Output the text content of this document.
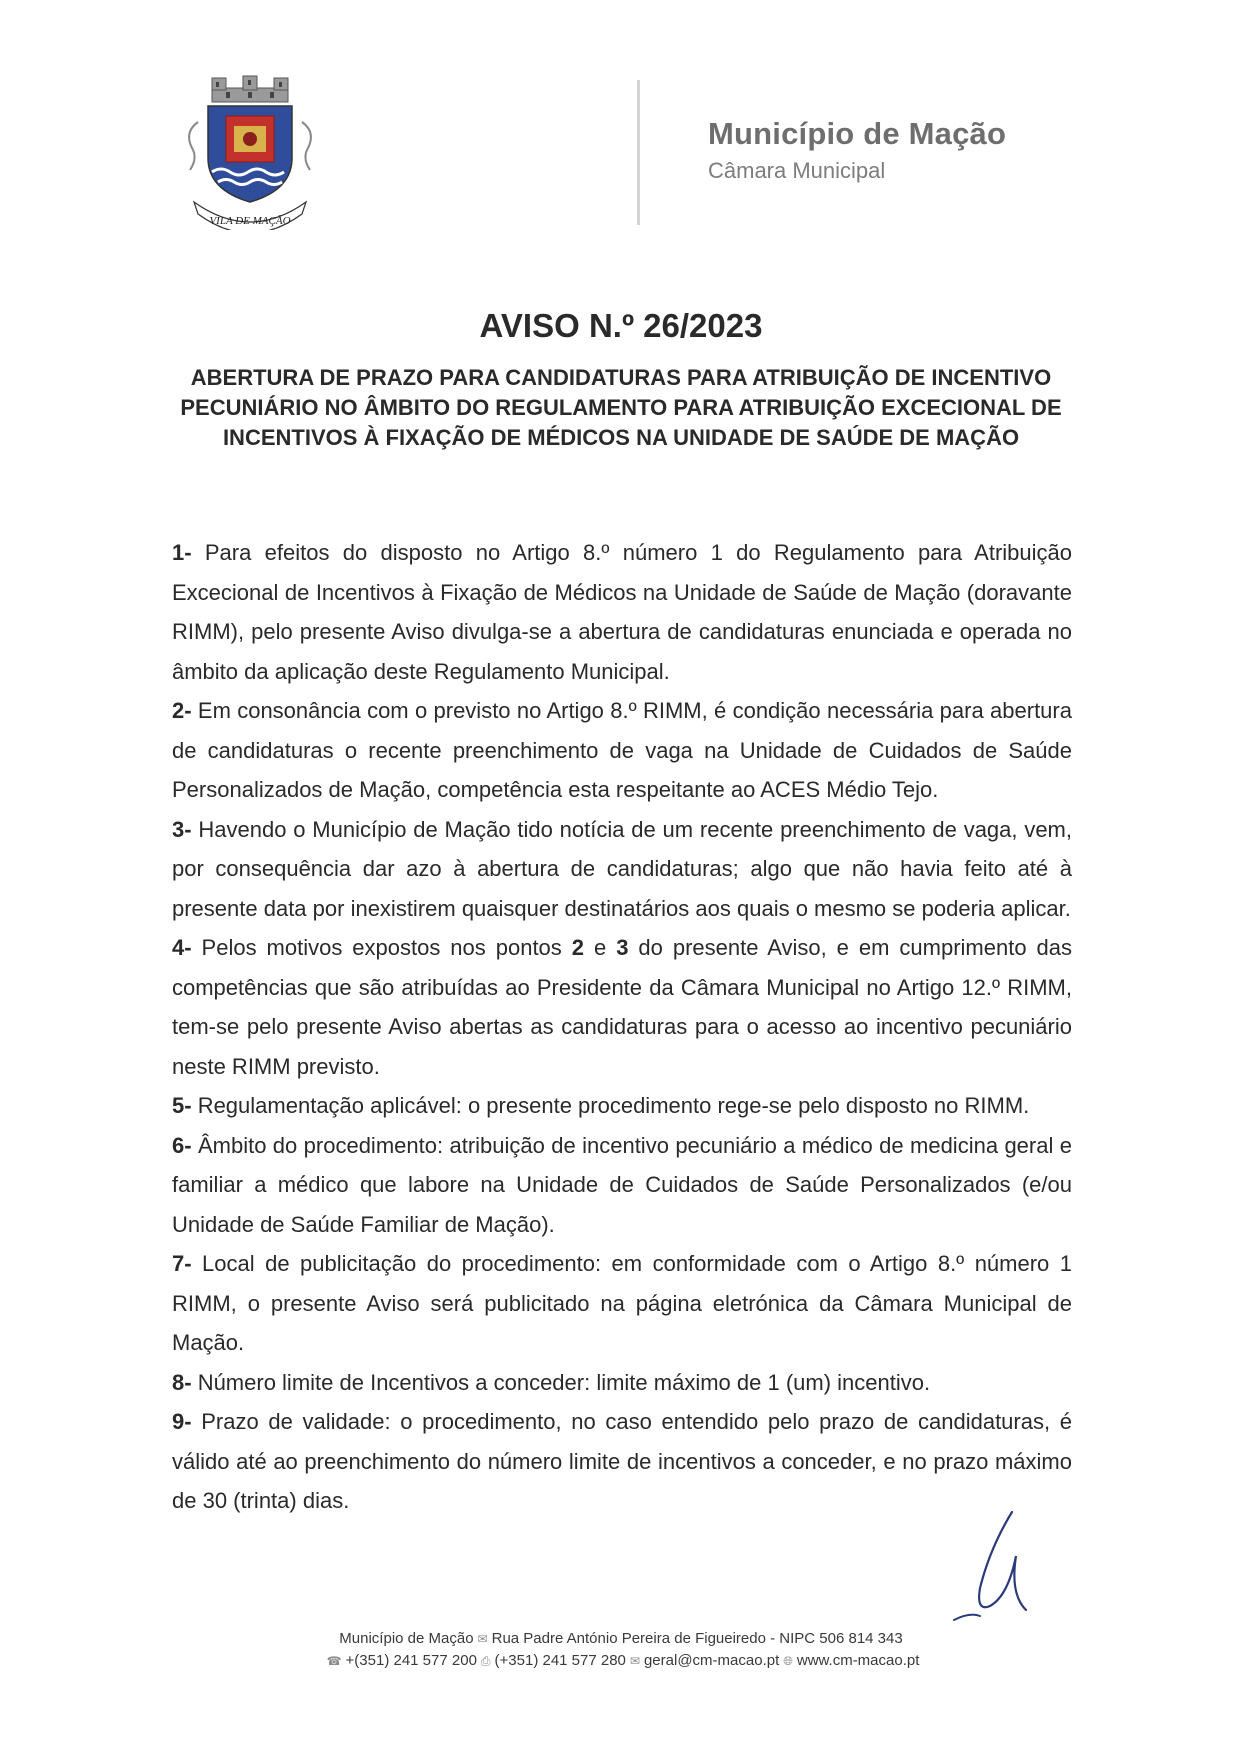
VILA DE MAÇÃO
Município de Mação
Câmara Municipal
AVISO N.º 26/2023
ABERTURA DE PRAZO PARA CANDIDATURAS PARA ATRIBUIÇÃO DE INCENTIVO PECUNIÁRIO NO ÂMBITO DO REGULAMENTO PARA ATRIBUIÇÃO EXCECIONAL DE INCENTIVOS À FIXAÇÃO DE MÉDICOS NA UNIDADE DE SAÚDE DE MAÇÃO

1- Para efeitos do disposto no Artigo 8.º número 1 do Regulamento para Atribuição Excecional de Incentivos à Fixação de Médicos na Unidade de Saúde de Mação (doravante RIMM), pelo presente Aviso divulga-se a abertura de candidaturas enunciada e operada no âmbito da aplicação deste Regulamento Municipal.

2- Em consonância com o previsto no Artigo 8.º RIMM, é condição necessária para abertura de candidaturas o recente preenchimento de vaga na Unidade de Cuidados de Saúde Personalizados de Mação, competência esta respeitante ao ACES Médio Tejo.

3- Havendo o Município de Mação tido notícia de um recente preenchimento de vaga, vem, por consequência dar azo à abertura de candidaturas; algo que não havia feito até à presente data por inexistirem quaisquer destinatários aos quais o mesmo se poderia aplicar.

4- Pelos motivos expostos nos pontos 2 e 3 do presente Aviso, e em cumprimento das competências que são atribuídas ao Presidente da Câmara Municipal no Artigo 12.º RIMM, tem-se pelo presente Aviso abertas as candidaturas para o acesso ao incentivo pecuniário neste RIMM previsto.

5- Regulamentação aplicável: o presente procedimento rege-se pelo disposto no RIMM.

6- Âmbito do procedimento: atribuição de incentivo pecuniário a médico de medicina geral e familiar a médico que labore na Unidade de Cuidados de Saúde Personalizados (e/ou Unidade de Saúde Familiar de Mação).

7- Local de publicitação do procedimento: em conformidade com o Artigo 8.º número 1 RIMM, o presente Aviso será publicitado na página eletrónica da Câmara Municipal de Mação.

8- Número limite de Incentivos a conceder: limite máximo de 1 (um) incentivo.

9- Prazo de validade: o procedimento, no caso entendido pelo prazo de candidaturas, é válido até ao preenchimento do número limite de incentivos a conceder, e no prazo máximo de 30 (trinta) dias.

Município de Mação ✉ Rua Padre António Pereira de Figueiredo - NIPC 506 814 343
☎ +(351) 241 577 200 ⎙ (+351) 241 577 280 ✉ geral@cm-macao.pt 🌐︎ www.cm-macao.pt
